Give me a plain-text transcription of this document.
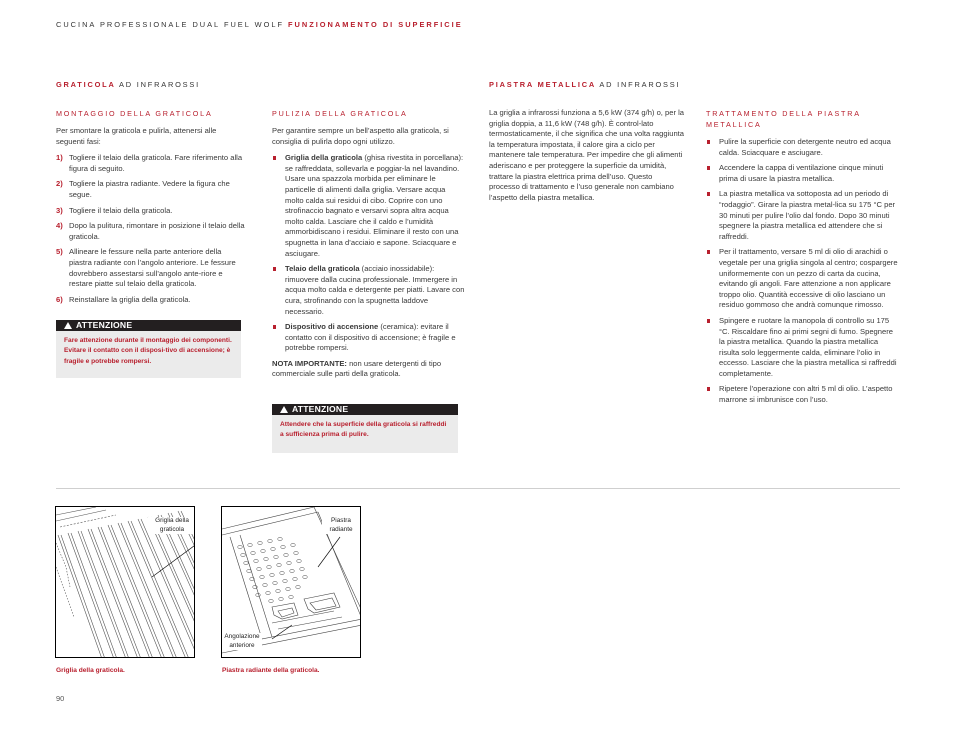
CUCINA PROFESSIONALE DUAL FUEL WOLF FUNZIONAMENTO DI SUPERFICIE
GRATICOLA AD INFRAROSSI
MONTAGGIO DELLA GRATICOLA

Per smontare la graticola e pulirla, attenersi alle seguenti fasi:

1) Togliere il telaio della graticola. Fare riferimento alla figura di seguito.
2) Togliere la piastra radiante. Vedere la figura che segue.
3) Togliere il telaio della graticola.
4) Dopo la pulitura, rimontare in posizione il telaio della graticola.
5) Allineare le fessure nella parte anteriore della piastra radiante con l’angolo anteriore. Le fessure dovrebbero assestarsi sull’angolo ante-riore e restare piatte sul telaio della graticola.
6) Reinstallare la griglia della graticola.
ATTENZIONE
Fare attenzione durante il montaggio dei componenti. Evitare il contatto con il disposi-tivo di accensione; è fragile e potrebbe rompersi.
PULIZIA DELLA GRATICOLA

Per garantire sempre un bell’aspetto alla graticola, si consiglia di pulirla dopo ogni utilizzo.

Griglia della graticola (ghisa rivestita in porcellana): se raffreddata, sollevarla e poggiar-la nel lavandino. Usare una spazzola morbida per eliminare le particelle di alimenti dalla griglia. Versare acqua molto calda sui residui di cibo. Coprire con uno strofinaccio bagnato e versarvi sopra altra acqua molto calda. Lasciare che il caldo e l’umidità ammorbidiscano i residui. Eliminare il resto con una spugnetta in lana d’acciaio e sapone. Sciacquare e asciugare.
Telaio della graticola (acciaio inossidabile): rimuovere dalla cucina professionale. Immergere in acqua molto calda e detergente per piatti. Lavare con cura, strofinando con la spugnetta laddove necessario.
Dispositivo di accensione (ceramica): evitare il contatto con il dispositivo di accensione; è fragile e potrebbe rompersi.

NOTA IMPORTANTE: non usare detergenti di tipo commerciale sulle parti della graticola.

ATTENZIONE
Attendere che la superficie della graticola si raffreddi a sufficienza prima di pulire.
PIASTRA METALLICA AD INFRAROSSI

La griglia a infrarossi funziona a 5,6 kW (374 g/h) o, per la griglia doppia, a 11,6 kW (748 g/h). È control-lato termostaticamente, il che significa che una volta raggiunta la temperatura impostata, il calore gira a ciclo per mantenere tale temperatura. Per impedire che gli alimenti aderiscano e per proteggere la superficie da umidità, trattare la piastra elettrica prima dell’uso. Questo processo di trattamento e l’uso generale non cambiano l’aspetto della piastra metallica.

TRATTAMENTO DELLA PIASTRA
METALLICA
Pulire la superficie con detergente neutro ed acqua calda. Sciacquare e asciugare.
Accendere la cappa di ventilazione cinque minuti prima di usare la piastra metallica.
La piastra metallica va sottoposta ad un periodo di “rodaggio”. Girare la piastra metal-lica su 175 °C per 30 minuti per pulire l’olio dal fondo. Dopo 30 minuti spegnere la piastra metallica ed attendere che si raffreddi.
Per il trattamento, versare 5 ml di olio di arachidi o vegetale per una griglia singola al centro; cospargere uniformemente con un pezzo di carta da cucina, evitando gli angoli. Fare attenzione a non applicare troppo olio. Quantità eccessive di olio lasciano un residuo gommoso che andrà comunque rimosso.
Spingere e ruotare la manopola di controllo su 175 °C. Riscaldare fino ai primi segni di fumo. Spegnere la piastra metallica. Quando la piastra metallica risulta solo leggermente calda, eliminare l’olio in eccesso. Lasciare che la piastra metallica si raffreddi completamente.
Ripetere l’operazione con altri 5 ml di olio. L’aspetto marrone si imbrunisce con l’uso.
Griglia della graticola
Griglia della graticola.
Piastra radiante
Angolazione anteriore
Piastra radiante della graticola.
90
